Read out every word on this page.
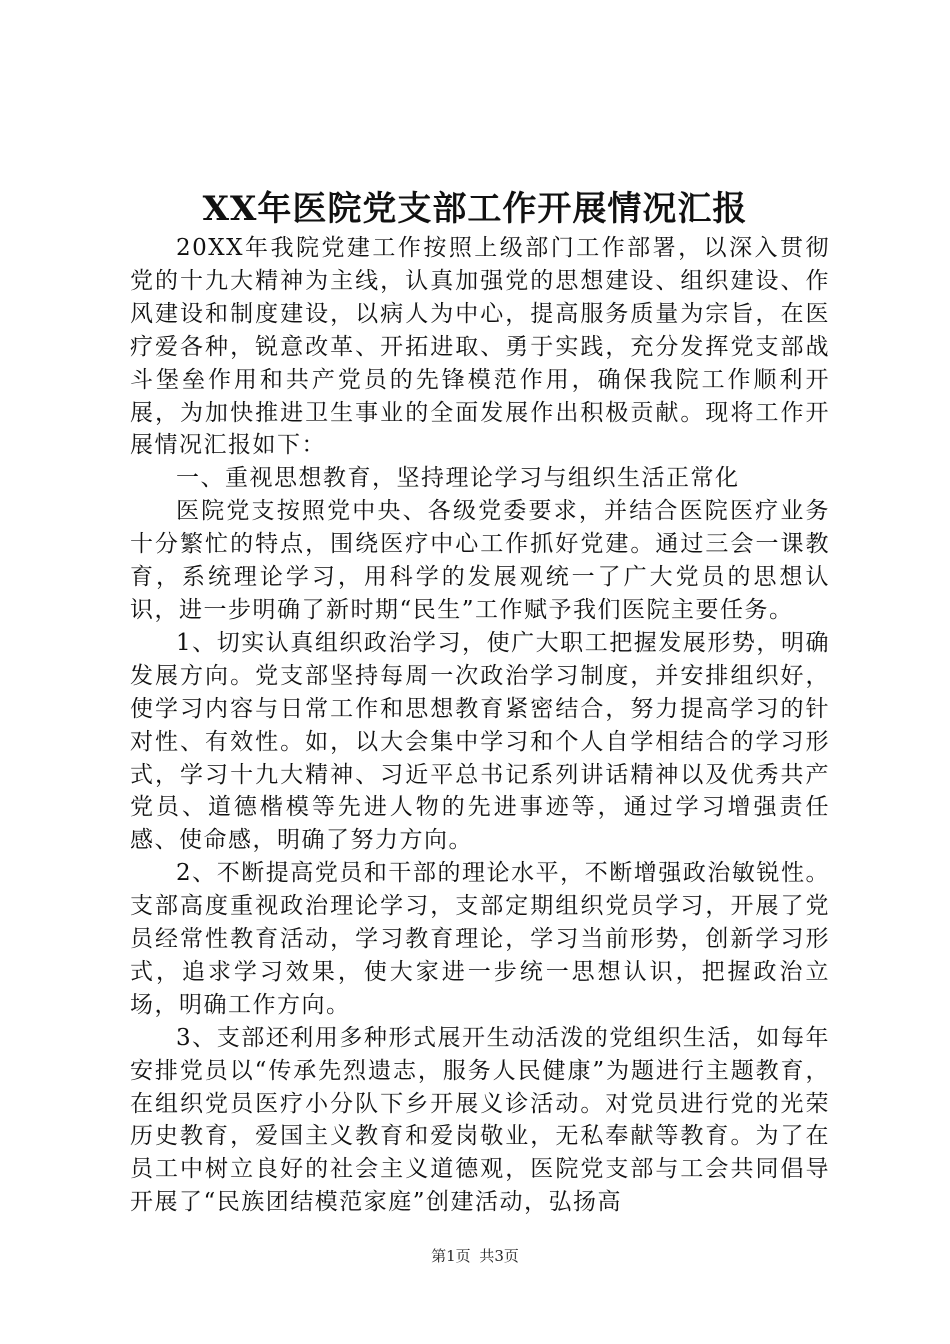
XX年医院党支部工作开展情况汇报

20XX年我院党建工作按照上级部门工作部署，以深入贯彻党的十九大精神为主线，认真加强党的思想建设、组织建设、作风建设和制度建设，以病人为中心，提高服务质量为宗旨，在医疗爱各种，锐意改革、开拓进取、勇于实践，充分发挥党支部战斗堡垒作用和共产党员的先锋模范作用，确保我院工作顺利开展，为加快推进卫生事业的全面发展作出积极贡献。现将工作开展情况汇报如下：

一、重视思想教育，坚持理论学习与组织生活正常化

医院党支按照党中央、各级党委要求，并结合医院医疗业务十分繁忙的特点，围绕医疗中心工作抓好党建。通过三会一课教育，系统理论学习，用科学的发展观统一了广大党员的思想认识，进一步明确了新时期“民生”工作赋予我们医院主要任务。

1、切实认真组织政治学习，使广大职工把握发展形势，明确发展方向。党支部坚持每周一次政治学习制度，并安排组织好，使学习内容与日常工作和思想教育紧密结合，努力提高学习的针对性、有效性。如，以大会集中学习和个人自学相结合的学习形式，学习十九大精神、习近平总书记系列讲话精神以及优秀共产党员、道德楷模等先进人物的先进事迹等，通过学习增强责任感、使命感，明确了努力方向。

2、不断提高党员和干部的理论水平，不断增强政治敏锐性。支部高度重视政治理论学习，支部定期组织党员学习，开展了党员经常性教育活动，学习教育理论，学习当前形势，创新学习形式，追求学习效果，使大家进一步统一思想认识，把握政治立场，明确工作方向。

3、支部还利用多种形式展开生动活泼的党组织生活，如每年安排党员以“传承先烈遗志，服务人民健康”为题进行主题教育，在组织党员医疗小分队下乡开展义诊活动。对党员进行党的光荣历史教育，爱国主义教育和爱岗敬业，无私奉献等教育。为了在员工中树立良好的社会主义道德观，医院党支部与工会共同倡导开展了“民族团结模范家庭”创建活动，弘扬高

第1页 共3页
